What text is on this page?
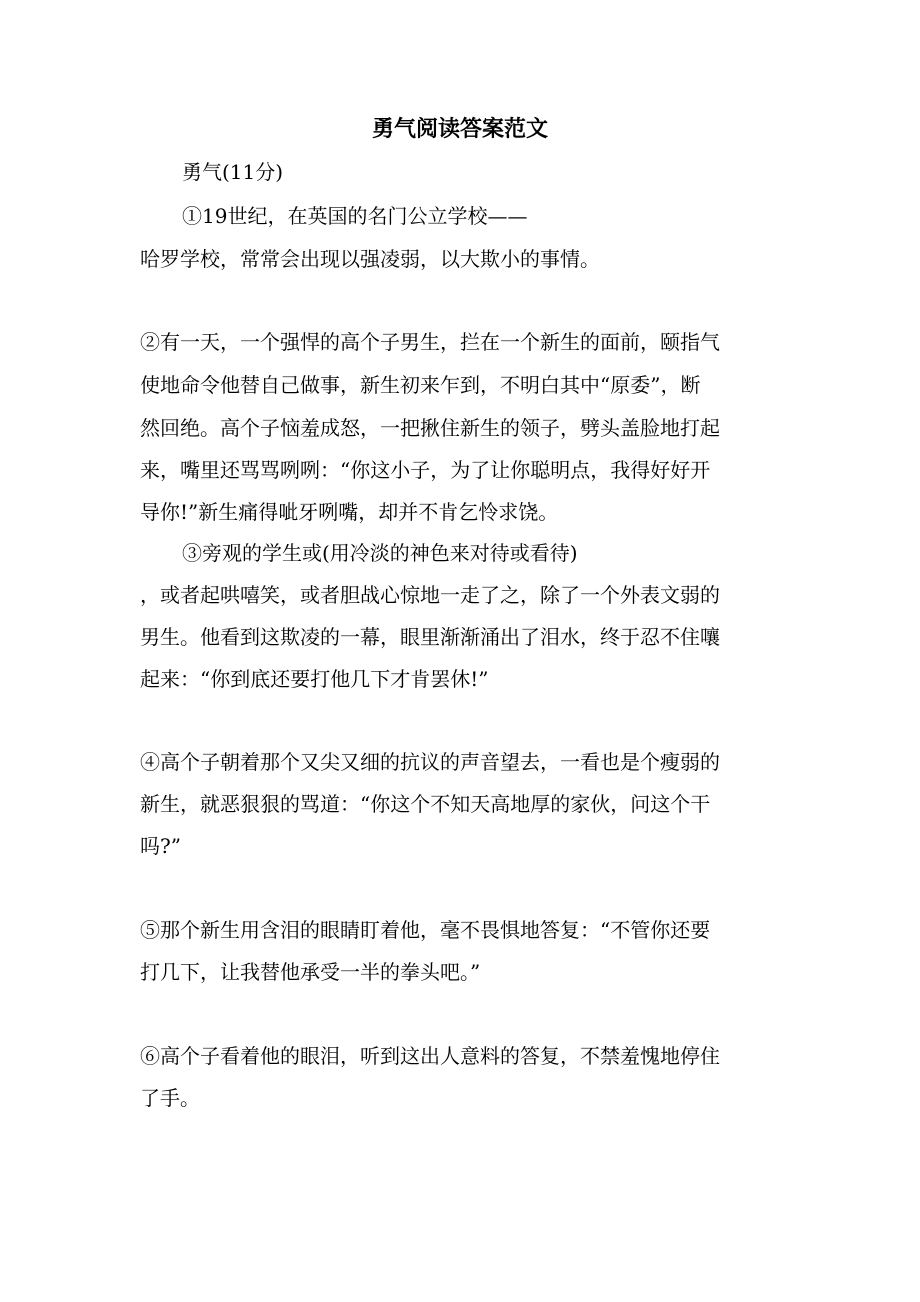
勇气阅读答案范文
勇气(11分)
①19世纪，在英国的名门公立学校——
哈罗学校，常常会出现以强凌弱，以大欺小的事情。
②有一天，一个强悍的高个子男生，拦在一个新生的面前，颐指气
使地命令他替自己做事，新生初来乍到，不明白其中“原委”，断
然回绝。高个子恼羞成怒，一把揪住新生的领子，劈头盖脸地打起
来，嘴里还骂骂咧咧：“你这小子，为了让你聪明点，我得好好开
导你!”新生痛得呲牙咧嘴，却并不肯乞怜求饶。
③旁观的学生或(用冷淡的神色来对待或看待)
，或者起哄嘻笑，或者胆战心惊地一走了之，除了一个外表文弱的
男生。他看到这欺凌的一幕，眼里渐渐涌出了泪水，终于忍不住嚷
起来：“你到底还要打他几下才肯罢休!”
④高个子朝着那个又尖又细的抗议的声音望去，一看也是个瘦弱的
新生，就恶狠狠的骂道：“你这个不知天高地厚的家伙，问这个干
吗?”
⑤那个新生用含泪的眼睛盯着他，毫不畏惧地答复：“不管你还要
打几下，让我替他承受一半的拳头吧。”
⑥高个子看着他的眼泪，听到这出人意料的答复，不禁羞愧地停住
了手。
